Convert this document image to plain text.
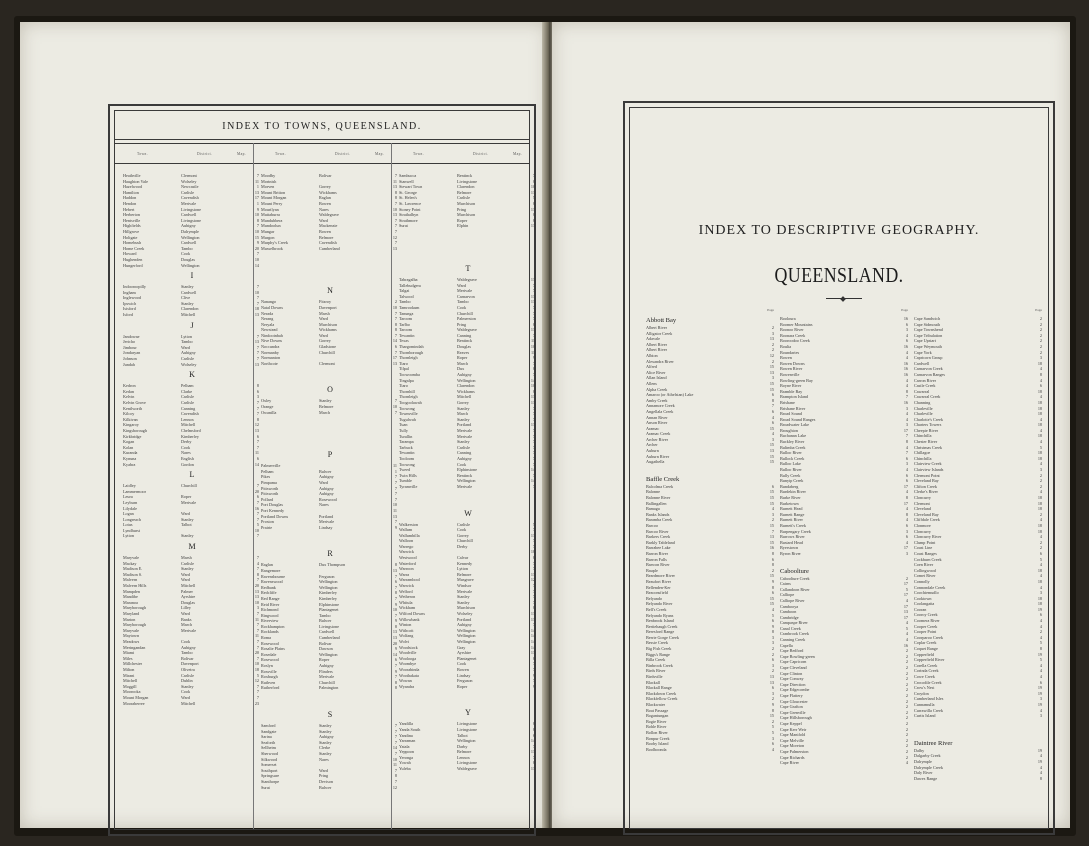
INDEX TO TOWNS, QUEENSLAND.
Town.	District.	Map.	Town.	District.	Map.	Town.	District.	Map.
Heathville	Clermont	7
Haughton Vale	Wolseley	11
Hazelwood	Newcastle	1
Hamilton	Carlisle	13
Haddon	Cavendish	17
Hendon	Merivale	1
Hebert	Livingstone	9
Herberton	Cardwell	10
Hentsville	Livingstone	8
Highfields	Aubigny	7
Hillgrove	Dalrymple	10
Holtgate	Wellington	15
Homebush	Cardwell	9
Home Creek	Tambo	20
Howard	Cook	7
Hughenden	Douglas	10
Hungerford	Wellington	14
I
Indooroopilly	Stanley	7
Ingham	Cardwell	10
Inglewood	Clive	7
Ipswich	Stanley	7
Isisford	Clarendon	18
Isford	Mitchell	13
J
Jandowae	Lytton	7
Jericho	Tambo	13
Jimbour	Ward	7
Jondaryan	Aubigny	7
Johnson	Carlisle	7
Jundah	Wolseley	13
K
Kedron	Pelham	8
Kedan	Clarke	6
Kelvin	Carlisle	3
Kelvin Grove	Carlisle	7
Kenilworth	Canning	7
Kilcoy	Cavendish	7
Kilkivan	Lennox	8
Kingaroy	Mitchell	12
Kingsborough	Chelmsford	13
Kirkbridge	Kimberley	6
Kogan	Derby	7
Kolan	Cook	7
Kuranda	Nares	11
Kynuna	English	6
Kyabra	Gordon	14
L
Laidley	Churchill	7
Lammermoor	20
Leura	Roper	6
Leyburn	Merivale	7
Lilydale	16
Logan	Ward	7
Longreach	Stanley	7
Lotus	Talbot	5
Lyndhurst	10
Lytton	Stanley	7
M
Maryvale	Marsh	7
Mackay	Carlisle	4
Madison E.	Stanley	7
Madison S.	Ward	8
Malvern	Ward	7
Malvern Hills	Mitchell	20
Mampden	Palmer	13
Mandibe	Ayrshire	13
Maranoa	Douglas	10
Maryborough	Lilley	3
Maryland	Ward	7
Marton	Banks	11
Maryborough	March	7
Maryvale	Merivale	7
Maytown	11
Meadows	Cook	7
Meringandan	Aubigny	7
Miami	Tambo	20
Miles	Bolivar	7
Millchester	Davenport	10
Milton	Oliveira	18
Mirani	Carlisle	5
Mitchell	Dublin	12
Moggill	Stanley	7
Moorooka	Cook	7
Mount Morgan	Ward	7
Mooraberree	Mitchell	23
Moodby	Bolivar	7
Morinish	11
Morven	Gorrey	13
Mount Britton	Wickhams	8
Mount Morgan	Raglan	8
Mount Perry	Bowen	7
Mourilyan	Nares	10
Muttaburra	Waldegrave	13
Mundubbera	Ward	7
Mundoolun	Mackenzie	7
Mungar	Bowen	7
Murgon	Belmore	12
Murphy's Creek	Cavendish	7
Musselbrook	Cumberland	13
N
Nanango	Fitzroy	2
Natal Downs	Davenport	10
Nerada	Marsh	7
Nerang	Ward	7
Neryala	Murchison	8
Newstead	Wickhams	8
Nindooinbah	Ward	7
Nive Downs	Gorrey	14
Noccundra	Gladstone	6
Normanby	Churchill	7
Normanton	17
Northcote	Clermont	13
O
Oxley	Stanley	7
Orange	Belmore	10
Owanilla	March	7
P
Palmerville	11
Pelham	Bulwer	1
Pikes	Aubigny	7
Pimpama	Ward	7
Pittsworth	Aubigny	7
Pittsworth	Aubigny	7
Pollard	Rosewood	7
Port Douglas	Nares	10
Port Kennedy	11
Portland Downs	Portland	13
Proston	Merivale	7
Prairie	Lindsay	9
R
Raglan	Dux Thompson	8
Rangemore	13
Ravensbourne	Ferguson	7
Ravenswood	Wellington	6
Redbank	Wellington	7
Redcliffe	Kimberley	8
Red Range	Kimberley	7
Reid River	Elphinstone	9
Richmond	Plantagenet	10
Ringwood	Tambo	7
Riverview	Bulwer	9
Rockhampton	Livingstone	8
Rocklands	Cardwell	13
Roma	Cumberland	13
Rosewood	Bolivar	20
Rosalie Plains	Dawson	9
Rosedale	Wellington	14
Rosewood	Roper	6
Roslyn	Aubigny	7
Rossville	Flinders	9
Roxburgh	Merivale	7
Ruthven	Churchill	8
Rutherford	Palmington	8
S
Samford	Stanley	7
Sandgate	Stanley	7
Sarina	Aubigny	7
Seaforth	Stanley	7
Sellheim	Clerke	14
Sherwood	Stanley	7
Silkwood	Nares	10
Somerset	11
Southport	Ward	7
Springsure	Pring	8
Stanthorpe	Devison	7
Surat	Bulwer	12
Sambucca	Bentinck	7
Stanwell	Livingstone	8
Stewart Town	Clarendon	10
St. George	Belmore	13
St. Helen's	Carlisle	5
St. Lawrence	Murchison	8
Stoney Point	Pring	13
Strathalbyn	Murchison	8
Strathmore	Roper	8
Surat	Elphin	13
T
Tabragalba	Waldegrave	13
Tallebudgera	Ward	7
Talgai	Merivale	7
Talwood	Carnarvon	13
Tambo	Tambo	13
Tamrookum	Cook	7
Tanunga	Churchill	7
Taroom	Palmerston	7
Tarlbo	Pring	8
Taroom	Waldegrave	13
Tewantin	Canning	7
Texas	Bentinck	11
Thargomindah	Douglas	10
Thornborough	Reaves	11
Thornleigh	Roper	9
Tiaro	March	7
Tilpal	Dux	8
Toowoomba	Aubigny	7
Tingalpa	Wellington	14
Tiaro	Clarendon	10
Thornhill	Wickhams	8
Thornleigh	Mitchell	13
Toogoolawah	Gorrey	13
Toowong	Stanley	7
Townsville	March	7
Tugulwah	Stanley	7
Tuan	Portland	13
Tully	Merivale	7
Turallin	Merivale	7
Tarampa	Stanley	7
Tarbuck	Carlisle	7
Tewantin	Canning	7
Tooloom	Aubigny	7
Toowong	Cook	7
Tweed	Elphinstone	14
Twin Hills	Bentinck	7
Tumble	Wellington	14
Tyramville	Merivale	7
W
Walkerston	Carlisle	5
Wallum	Cook	7
Wallumbilla	Gorrey	13
Walloon	Churchill	7
Warrego	Derby	7
Warwick	18
Westwood	Calvar	8
Waterford	Kennedy	7
Warroon	Lytton	7
Warra	Belmore	13
Warrambool	Musgrave	12
Warwick	Windsor	7
Welford	Merivale	7
Wetheron	Stanley	7
Whitula	Stanley	7
Wickham	Murchison	8
Wilford Downs	Wolseley	13
Willowbank	Portland	13
Winton	Aubigny	7
Withcott	Wellington	14
Wolfang	Wellington	14
Wolvi	Wellington	14
Woodstock	Gray	14
Woodville	Ayrshire	13
Woolooga	Plantagenet	8
Woombye	Cook	7
Woorabinda	Bowen	7
Woothakata	Lindsay	9
Wowan	Ferguson	7
Wyandra	Roper	9
Y
Yandilla	Livingstone	8
Yanda South	Livingstone	8
Yandina	Talbot	6
Yarraman	Wellington	14
Yatala	Darby	7
Yeppoon	Belmore	13
Yeronga	Lennox	7
Yowah	Livingstone	8
Yuleba	Waldegrave	13
INDEX TO DESCRIPTIVE GEOGRAPHY.
QUEENSLAND.
Page
Abbott Bay
Albert River	2
Alligator Creek	3
Adavale	13
Albert River	2
Albert River	2
Albion	12
Alexandra River	2
Alfred	15
Alice River	13
Allan Island	3
Allens	15
Alpha Creek	15
Amaroo (or Athelstan) Lake	6
Amby Creek	8
Annamore Creek	7
Angellala Creek	6
Annan River	4
Anson River	6
Aramac	15
Aramac Creek	4
Archer River	3
Archer	15
Auburn	13
Auburn River	15
Augathella	15
Baffle Creek
Balcolma Creek	6
Balonne	15
Balonne River	15
Ballingallen	15
Bamaga	4
Banks Islands	3
Baramba Creek	2
Barcoo	15
Barcoo River	7
Barkers Creek	13
Barkly Tableland	15
Barrabee Lake	16
Barron River	8
Barron Falls	6
Barwon River	8
Bauple	2
Beardmore River	15
Beaufort River	9
Bellenden-Ker	8
Beaconsfield	6
Belyando	15
Belyando River	15
Bell's Creek	4
Belyando Ryans	5
Benbrook Island	6
Bertiehaugh Creek	9
Beresford Range	8
Berrie Gorge Creek	3
Bessie Creek	3
Big Fish Creek	2
Biggs's Range	2
Billa Creek	6
Binbrook Creek	3
Birds River	2
Birdsville	13
Blackall	13
Blackall Range	6
Blackdown Creek	3
Blackfellow Creek	2
Blackwater	9
Boat Passage	8
Bogantungan	15
Bogie River	2
Bohle River	5
Bollon River	5
Bonpur Creek	3
Booby Island	6
Boolboonda	4
Page
Booloura	16
Boomer Mountains	6
Boonoo River	3
Boonara Creek	4
Booroodoo Creek	6
Boulia	16
Boundaries	4
Bowen	4
Bowen Downs	16
Bowen River	16
Bowenville	16
Bowling-green Bay	4
Boyne River	4
Bramble Bay	8
Brampton Island	7
Brisbane	16
Brisbane River	3
Broad Sound	4
Broad Sound Ranges	4
Broadwater Lake	3
Broughton	17
Buchanan Lake	7
Buckley River	8
Bulimba Creek	4
Bulloo River	7
Bullock Creek	6
Bulloo Lake	3
Bulloo River	4
Bully Creek	6
Bunyip Creek	6
Bundaberg	17
Burdekin River	4
Burke River	8
Burketown	17
Burnett Head	4
Burnett Range	8
Burnett River	4
Burnett's Creek	6
Burpengary Creek	3
Burrows River	6
Bustard Head	4
Byerstown	17
Byron River	3
Caboolture
Caboolture Creek	2
Cairns	17
Callandoon River	5
Calliope	17
Calliope River	4
Cambooya	17
Camboon	13
Cambridge	17
Campaspe River	4
Canal Creek	5
Cranbrook Creek	4
Canning Creek	4
Capella	16
Cape Bedford	2
Cape Bowling-green	2
Cape Capricorn	2
Cape Cleveland	2
Cape Clinton	2
Cape Conway	2
Cape Direction	2
Cape Edgecombe	2
Cape Flattery	2
Cape Gloucester	2
Cape Grafton	2
Cape Grenville	2
Cape Hillsborough	2
Cape Keppel	2
Cape Kerr Weir	2
Cape Manifold	2
Cape Melville	2
Cape Moreton	2
Cape Palmerston	2
Cape Richards	2
Cape River	4
Page
Cape Sandwich	2
Cape Sidmouth	2
Cape Townshend	2
Cape Tribulation	2
Cape Upstart	2
Cape Weymouth	2
Cape York	2
Capricorn Group	3
Cardwell	18
Carnarvon Creek	4
Carnarvon Ranges	8
Carron River	4
Castle Creek	6
Cawarral	18
Cawarral Creek	4
Channing	18
Charleville	18
Charleville	18
Charlotte's Creek	4
Charters Towers	18
Cheepie River	4
Chinchilla	18
Chester River	4
Christmas Creek	5
Chillagoe	18
Chinchilla	18
Clairview Creek	4
Clairview Islands	3
Clermont Point	2
Cleveland Bay	2
Clifton Creek	2
Clerke's River	4
Cloncurry	18
Clermont	18
Cleveland	18
Cleveland Bay	2
Cliffdale Creek	4
Clonmore	18
Cloncurry	18
Cloncurry River	4
Clump Point	2
Coast Line	2
Coast Ranges	6
Cockburn Creek	5
Coen River	4
Collingwood	18
Comet River	4
Connolly	18
Connondale Creek	4
Coochiemudlo	3
Cooktown	18
Coolangatta	18
Cooran	19
Cooroy Creek	6
Coomera River	4
Cooper Creek	4
Cooper Point	2
Coorparoo Creek	4
Coplar Creek	5
Coquet Range	8
Copperfield	19
Copperfield River	5
Corella Creek	4
Corinda Creek	4
Cowe Creek	4
Crocodile Creek	6
Crow's Nest	19
Croydon	19
Cumberland Isles	3
Cunnamulla	19
Currawilla Creek	4
Curtis Island	3
Daintree River
Dalby	19
Dalgarby Creek	4
Dalrymple	19
Dalrymple Creek	4
Daly River	4
Dawes Range	8
